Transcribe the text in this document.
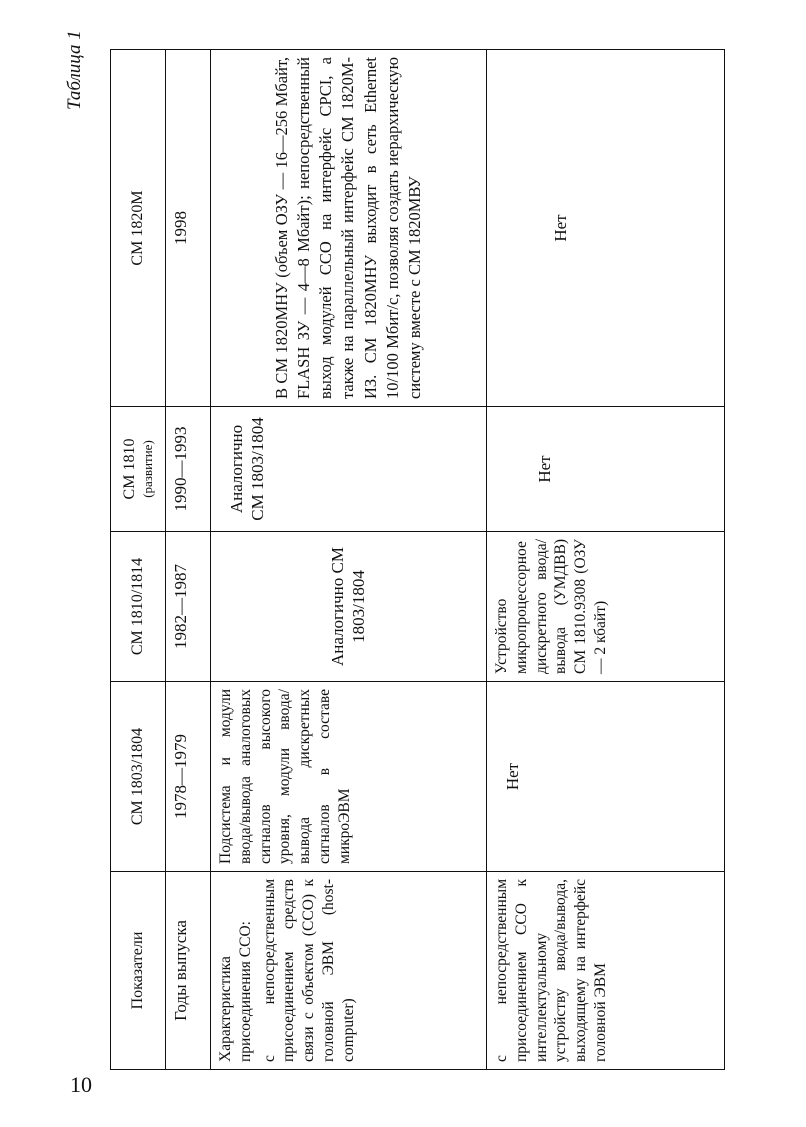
10
Таблица 1
Показатели	СМ 1803/1804	СМ 1810/1814	СМ 1810 (развитие)	СМ 1820М
Годы выпуска	1978—1979	1982—1987	1990—1993	1998

Характеристика присоединения ССО: с непосредственным присоединением средств связи с объектом (ССО) к головной ЭВМ (host-computer)	Подсистема и модули ввода/вывода аналоговых сигналов высокого уровня, модули ввода/вывода дискретных сигналов в составе микроЭВМ	Аналогично СМ 1803/1804	Аналогично СМ 1803/1804	В СМ 1820МНУ (объем ОЗУ — 16—256 Мбайт, FLASH ЗУ — 4—8 Мбайт); непосредственный выход модулей ССО на интерфейс CPCI, а также на параллельный интерфейс СМ 1820М-ИЗ. СМ 1820МНУ выходит в сеть Ethernet 10/100 Мбит/с, позволяя создать иерархическую систему вместе с СМ 1820МВУ
с непосредственным присоединением ССО к интеллектуальному устройству ввода/вывода, выходящему на интерфейс головной ЭВМ	Нет	Устройство микропроцессорное дискретного ввода/вывода (УМДВВ) СМ 1810.9308 (ОЗУ — 2 кбайт)	Нет	Нет
